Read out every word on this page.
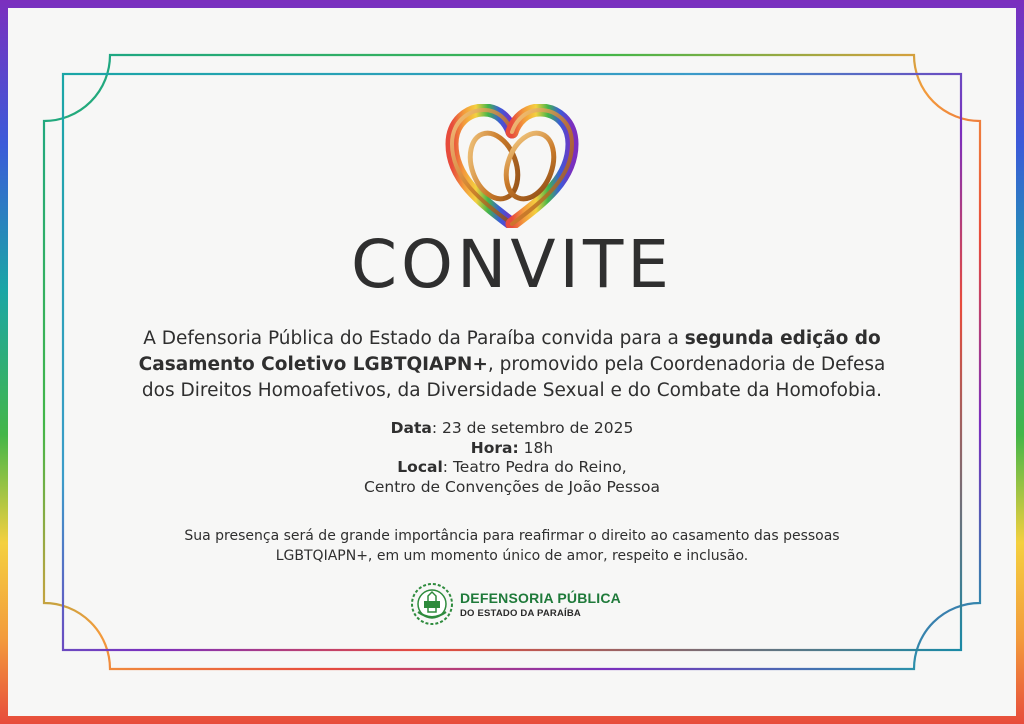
CONVITE
A Defensoria Pública do Estado da Paraíba convida para a segunda edição do Casamento Coletivo LGBTQIAPN+, promovido pela Coordenadoria de Defesa dos Direitos Homoafetivos, da Diversidade Sexual e do Combate da Homofobia.
Data: 23 de setembro de 2025
Hora: 18h
Local: Teatro Pedra do Reino,
Centro de Convenções de João Pessoa
Sua presença será de grande importância para reafirmar o direito ao casamento das pessoas LGBTQIAPN+, em um momento único de amor, respeito e inclusão.
DEFENSORIA PÚBLICA
DO ESTADO DA PARAÍBA
